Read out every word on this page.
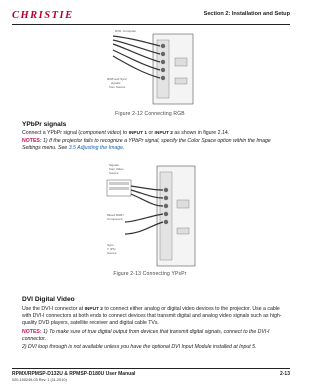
CHRISTIE	Section 2: Installation and Setup
DVD, Computer
RGB and Sync
signals
from Source
Figure 2-12 Connecting RGB
YPbPr signals
Connect a YPbPr signal (component video) to INPUT 1 or INPUT 2 as shown in figure 2.14.
NOTES: 1) If the projector fails to recognize a YPbPr signal, specify the Color Space option within the Image Settings menu. See 3.5 Adjusting the Image.
Signals
from Video
Source
Mixed RGB /
Component
Sync
Y (Pb)
Source
Figure 2-13 Connecting YPsPr
DVI Digital Video
Use the DVI-I connector at INPUT 2 to connect either analog or digital video devices to the projector. Use a cable with DVI-I connectors at both ends to connect devices that transmit digital and analog video signals such as high-quality DVD players, satellite receiver and digital cable TVs.
NOTES: 1) To make sure of true digital output from devices that transmit digital signals, connect to the DVI-I connector.
2) DVI loop through is not available unless you have the optional DVI Input Module installed at Input 5.
RPMX/RPMSP-D132U & RPMSP-D180U User Manual
020-100249-03 Rev. 1 (11-2010)
2-13
